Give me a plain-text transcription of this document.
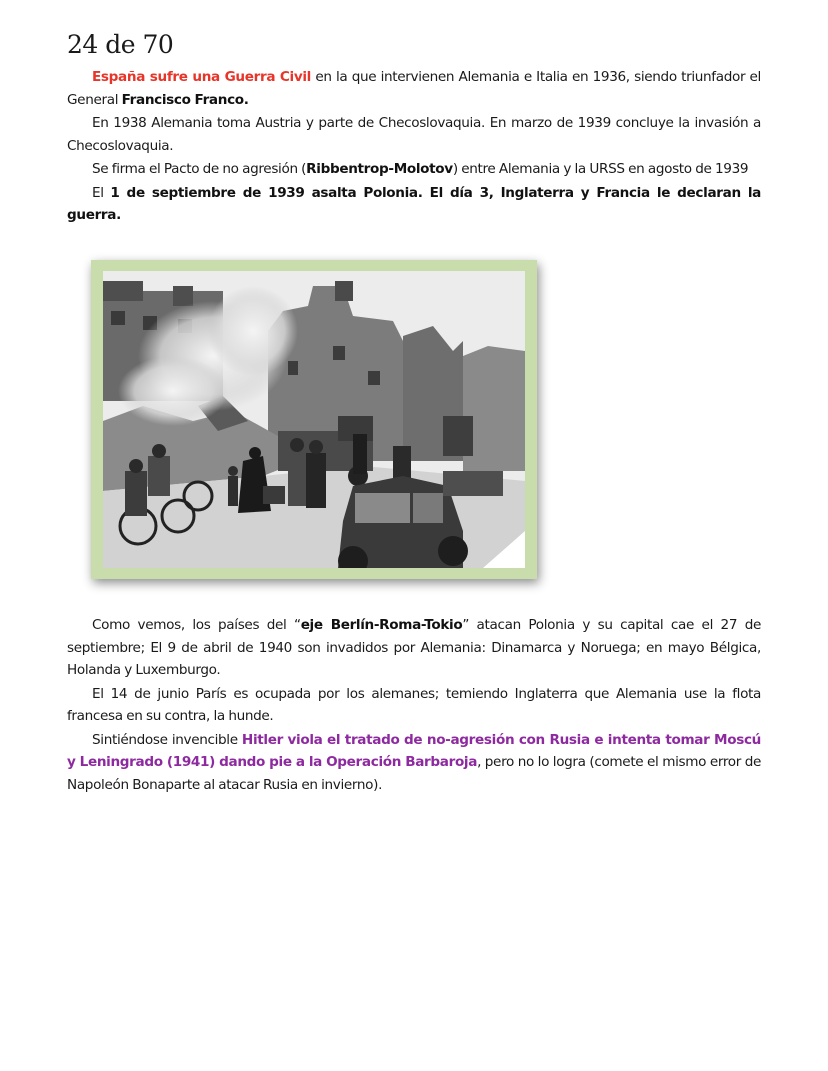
24 de 70

España sufre una Guerra Civil en la que intervienen Alemania e Italia en 1936, siendo triunfador el General Francisco Franco.

En 1938 Alemania toma Austria y parte de Checoslovaquia. En marzo de 1939 concluye la invasión a Checoslovaquia.

Se firma el Pacto de no agresión (Ribbentrop-Molotov) entre Alemania y la URSS en agosto de 1939

El 1 de septiembre de 1939 asalta Polonia. El día 3, Inglaterra y Francia le declaran la guerra.

Como vemos, los países del “eje Berlín-Roma-Tokio” atacan Polonia y su capital cae el 27 de septiembre; El 9 de abril de 1940 son invadidos por Alemania: Dinamarca y Noruega; en mayo Bélgica, Holanda y Luxemburgo.

El 14 de junio París es ocupada por los alemanes; temiendo Inglaterra que Alemania use la flota francesa en su contra, la hunde.

Sintiéndose invencible Hitler viola el tratado de no-agresión con Rusia e intenta tomar Moscú y Leningrado (1941) dando pie a la Operación Barbaroja, pero no lo logra (comete el mismo error de Napoleón Bonaparte al atacar Rusia en invierno).
